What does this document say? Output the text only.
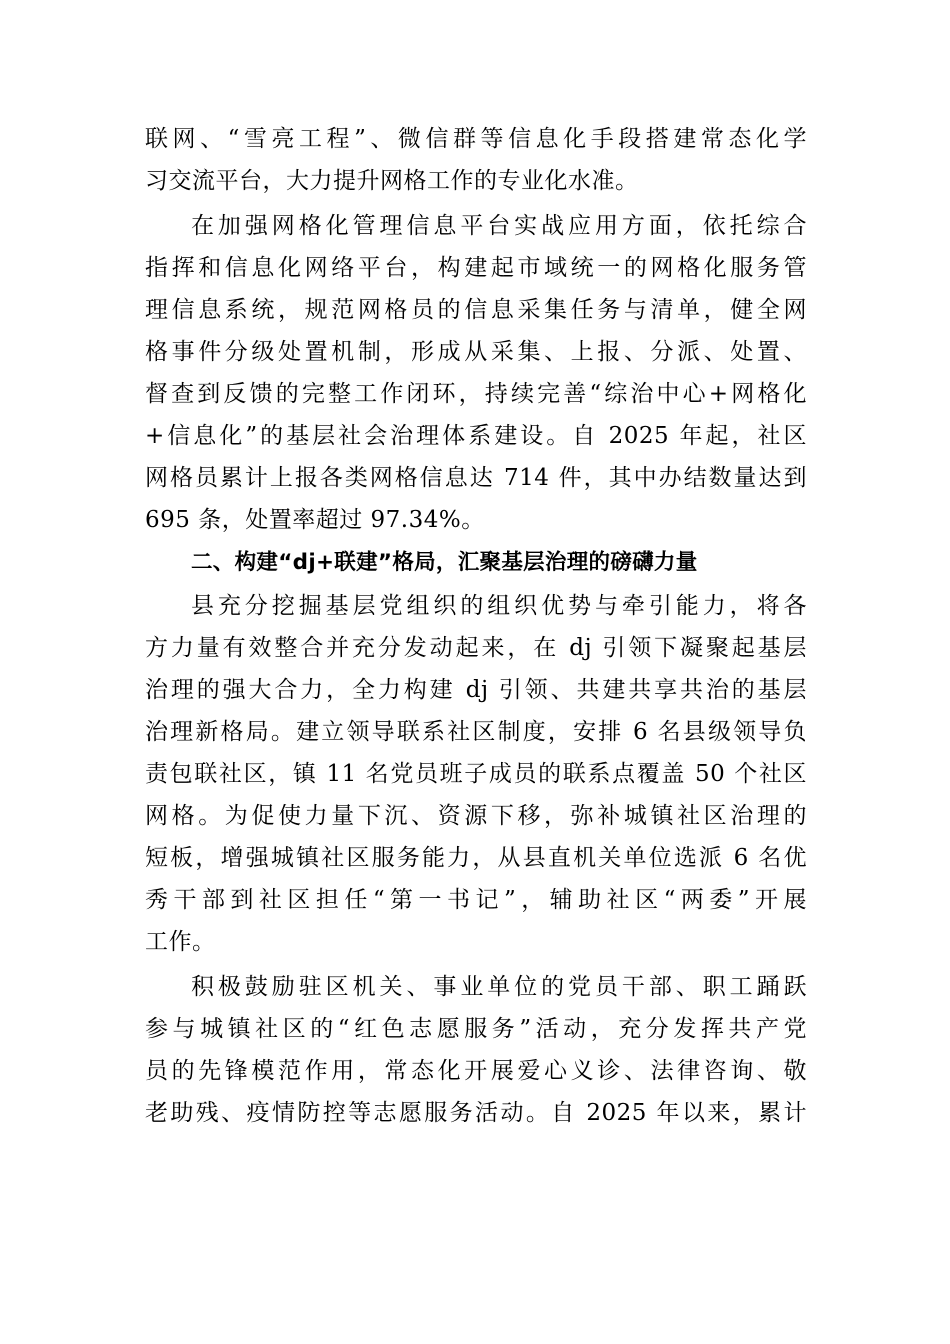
联网、“雪亮工程”、微信群等信息化手段搭建常态化学
习交流平台，大力提升网格工作的专业化水准。
在加强网格化管理信息平台实战应用方面，依托综合
指挥和信息化网络平台，构建起市域统一的网格化服务管
理信息系统，规范网格员的信息采集任务与清单，健全网
格事件分级处置机制，形成从采集、上报、分派、处置、
督查到反馈的完整工作闭环，持续完善“综治中心+网格化
+信息化”的基层社会治理体系建设。自 2025 年起，社区
网格员累计上报各类网格信息达 714 件，其中办结数量达到
695 条，处置率超过 97.34%。
二、构建“dj+联建”格局，汇聚基层治理的磅礴力量
县充分挖掘基层党组织的组织优势与牵引能力，将各
方力量有效整合并充分发动起来，在 dj 引领下凝聚起基层
治理的强大合力，全力构建 dj 引领、共建共享共治的基层
治理新格局。建立领导联系社区制度，安排 6 名县级领导负
责包联社区，镇 11 名党员班子成员的联系点覆盖 50 个社区
网格。为促使力量下沉、资源下移，弥补城镇社区治理的
短板，增强城镇社区服务能力，从县直机关单位选派 6 名优
秀干部到社区担任“第一书记”，辅助社区“两委”开展
工作。
积极鼓励驻区机关、事业单位的党员干部、职工踊跃
参与城镇社区的“红色志愿服务”活动，充分发挥共产党
员的先锋模范作用，常态化开展爱心义诊、法律咨询、敬
老助残、疫情防控等志愿服务活动。自 2025 年以来，累计
